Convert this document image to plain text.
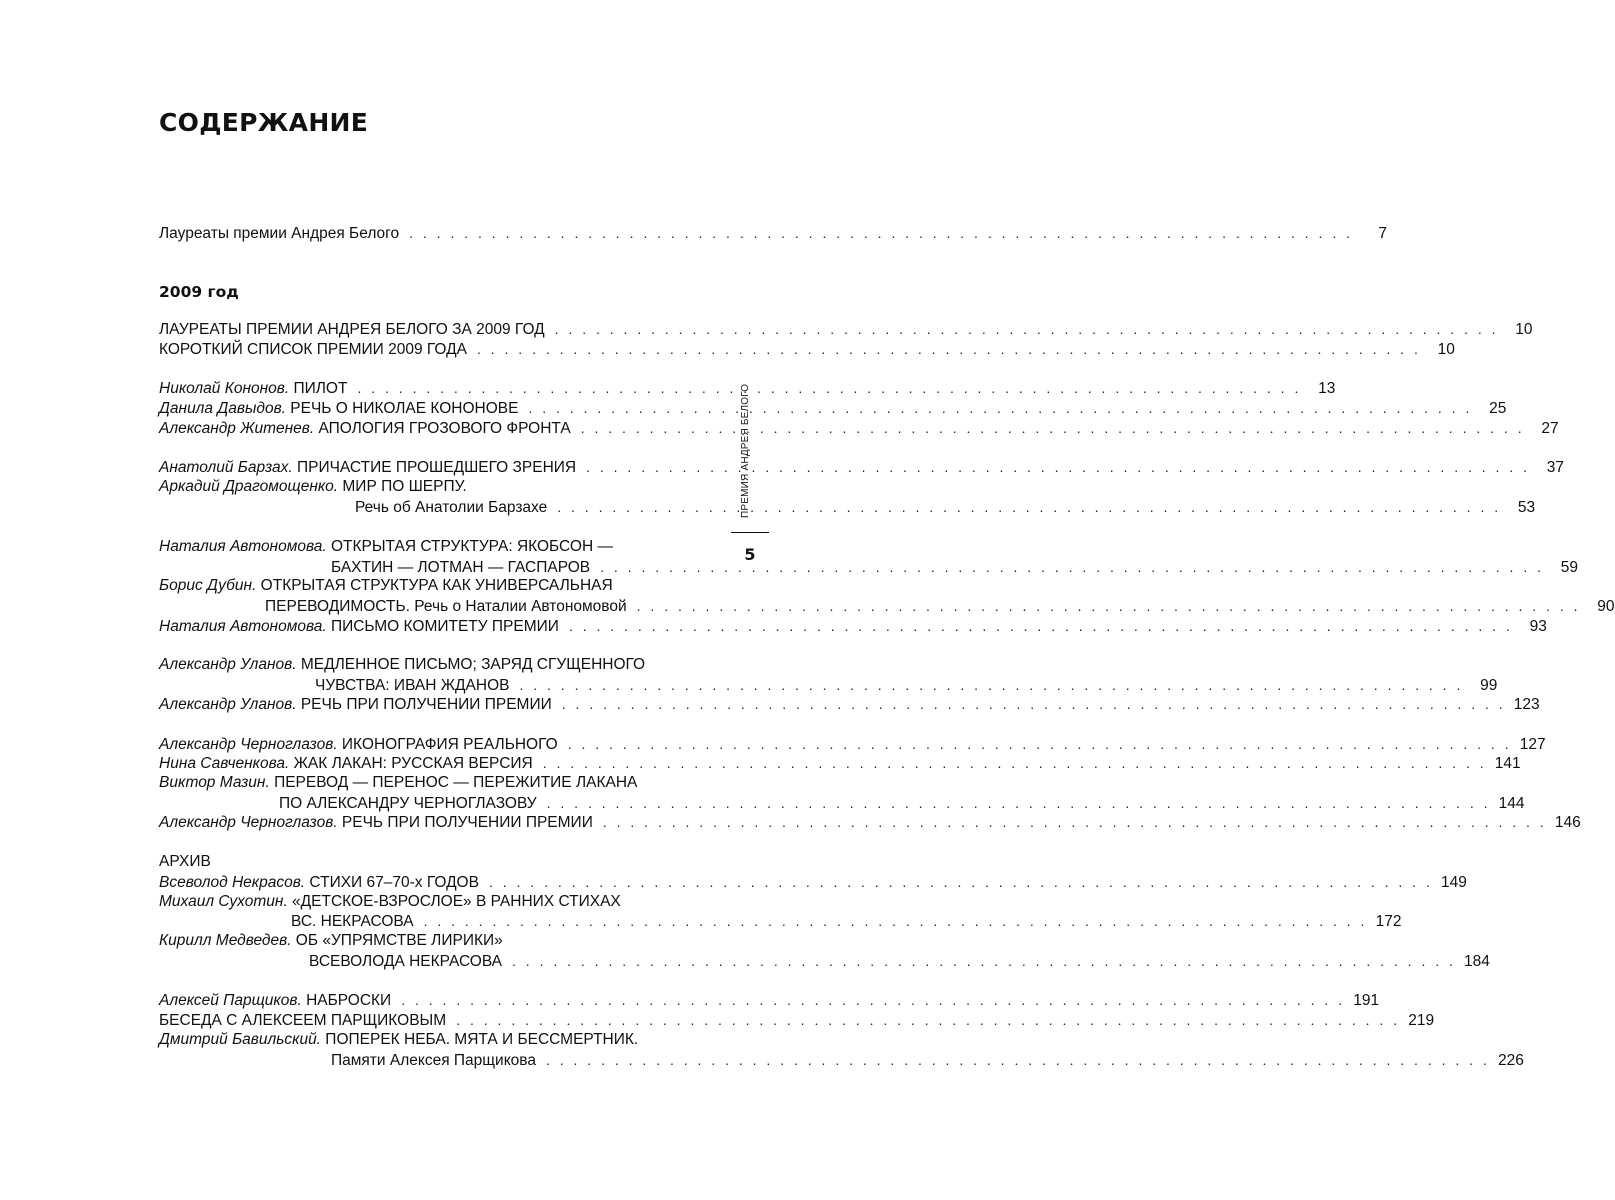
СОДЕРЖАНИЕ
Лауреаты премии Андрея Белого . . . . . . . . . . . . . . . . . . . . . . . . . . . . . . . . . . . . . . . . . . . . . . . . . . . . . . . . . . . . . . . . . . . . .	7
2009 год
АРХИВ
ЛАУРЕАТЫ ПРЕМИИ АНДРЕЯ БЕЛОГО ЗА 2009 ГОД . . . . . . . . . . . . . . . . . . . . . . . . . . . . . . . . . . . . . . . . . . . . . . . . . . . . . . . . . . . . . . . . . . . . .	10
КОРОТКИЙ СПИСОК ПРЕМИИ 2009 ГОДА . . . . . . . . . . . . . . . . . . . . . . . . . . . . . . . . . . . . . . . . . . . . . . . . . . . . . . . . . . . . . . . . . . . . .	10
Николай Кононов. ПИЛОТ . . . . . . . . . . . . . . . . . . . . . . . . . . . . . . . . . . . . . . . . . . . . . . . . . . . . . . . . . . . . . . . . . . . . .	13
Данила Давыдов. РЕЧЬ О НИКОЛАЕ КОНОНОВЕ . . . . . . . . . . . . . . . . . . . . . . . . . . . . . . . . . . . . . . . . . . . . . . . . . . . . . . . . . . . . . . . . . . . . .	25
Александр Житенев. АПОЛОГИЯ ГРОЗОВОГО ФРОНТА . . . . . . . . . . . . . . . . . . . . . . . . . . . . . . . . . . . . . . . . . . . . . . . . . . . . . . . . . . . . . . . . . . . . .	27
Анатолий Барзах. ПРИЧАСТИЕ ПРОШЕДШЕГО ЗРЕНИЯ . . . . . . . . . . . . . . . . . . . . . . . . . . . . . . . . . . . . . . . . . . . . . . . . . . . . . . . . . . . . . . . . . . . . .	37
Аркадий Драгомощенко. МИР ПО ШЕРПУ.
Речь об Анатолии Барзахе . . . . . . . . . . . . . . . . . . . . . . . . . . . . . . . . . . . . . . . . . . . . . . . . . . . . . . . . . . . . . . . . . . . . .	53
Наталия Автономова. ОТКРЫТАЯ СТРУКТУРА: ЯКОБСОН —
БАХТИН — ЛОТМАН — ГАСПАРОВ . . . . . . . . . . . . . . . . . . . . . . . . . . . . . . . . . . . . . . . . . . . . . . . . . . . . . . . . . . . . . . . . . . . . .	59
Борис Дубин. ОТКРЫТАЯ СТРУКТУРА КАК УНИВЕРСАЛЬНАЯ
ПЕРЕВОДИМОСТЬ. Речь о Наталии Автономовой . . . . . . . . . . . . . . . . . . . . . . . . . . . . . . . . . . . . . . . . . . . . . . . . . . . . . . . . . . . . . . . . . . . . .	90
Наталия Автономова. ПИСЬМО КОМИТЕТУ ПРЕМИИ . . . . . . . . . . . . . . . . . . . . . . . . . . . . . . . . . . . . . . . . . . . . . . . . . . . . . . . . . . . . . . . . . . . . .	93
Александр Уланов. МЕДЛЕННОЕ ПИСЬМО; ЗАРЯД СГУЩЕННОГО
ЧУВСТВА: ИВАН ЖДАНОВ . . . . . . . . . . . . . . . . . . . . . . . . . . . . . . . . . . . . . . . . . . . . . . . . . . . . . . . . . . . . . . . . . . . . .	99
Александр Уланов. РЕЧЬ ПРИ ПОЛУЧЕНИИ ПРЕМИИ . . . . . . . . . . . . . . . . . . . . . . . . . . . . . . . . . . . . . . . . . . . . . . . . . . . . . . . . . . . . . . . . . . . . . 123
Александр Черноглазов. ИКОНОГРАФИЯ РЕАЛЬНОГО . . . . . . . . . . . . . . . . . . . . . . . . . . . . . . . . . . . . . . . . . . . . . . . . . . . . . . . . . . . . . . . . . . . . . 127
Нина Савченкова. ЖАК ЛАКАН: РУССКАЯ ВЕРСИЯ . . . . . . . . . . . . . . . . . . . . . . . . . . . . . . . . . . . . . . . . . . . . . . . . . . . . . . . . . . . . . . . . . . . . . 141
Виктор Мазин. ПЕРЕВОД — ПЕРЕНОС — ПЕРЕЖИТИЕ ЛАКАНА
ПО АЛЕКСАНДРУ ЧЕРНОГЛАЗОВУ . . . . . . . . . . . . . . . . . . . . . . . . . . . . . . . . . . . . . . . . . . . . . . . . . . . . . . . . . . . . . . . . . . . . . 144
Александр Черноглазов. РЕЧЬ ПРИ ПОЛУЧЕНИИ ПРЕМИИ . . . . . . . . . . . . . . . . . . . . . . . . . . . . . . . . . . . . . . . . . . . . . . . . . . . . . . . . . . . . . . . . . . . . . 146
Всеволод Некрасов. СТИХИ 67–70-х ГОДОВ . . . . . . . . . . . . . . . . . . . . . . . . . . . . . . . . . . . . . . . . . . . . . . . . . . . . . . . . . . . . . . . . . . . . . 149
Михаил Сухотин. «ДЕТСКОЕ-ВЗРОСЛОЕ» В РАННИХ СТИХАХ
ВС. НЕКРАСОВА . . . . . . . . . . . . . . . . . . . . . . . . . . . . . . . . . . . . . . . . . . . . . . . . . . . . . . . . . . . . . . . . . . . . . 172
Кирилл Медведев. ОБ «УПРЯМСТВЕ ЛИРИКИ»
ВСЕВОЛОДА НЕКРАСОВА . . . . . . . . . . . . . . . . . . . . . . . . . . . . . . . . . . . . . . . . . . . . . . . . . . . . . . . . . . . . . . . . . . . . . 184
Алексей Парщиков. НАБРОСКИ . . . . . . . . . . . . . . . . . . . . . . . . . . . . . . . . . . . . . . . . . . . . . . . . . . . . . . . . . . . . . . . . . . . . . 191
БЕСЕДА С АЛЕКСЕЕМ ПАРЩИКОВЫМ . . . . . . . . . . . . . . . . . . . . . . . . . . . . . . . . . . . . . . . . . . . . . . . . . . . . . . . . . . . . . . . . . . . . . 219
Дмитрий Бавильский. ПОПЕРЕК НЕБА. МЯТА И БЕССМЕРТНИК.
Памяти Алексея Парщикова . . . . . . . . . . . . . . . . . . . . . . . . . . . . . . . . . . . . . . . . . . . . . . . . . . . . . . . . . . . . . . . . . . . . . 226
ПРЕМИЯ АНДРЕЯ БЕЛОГО
5
